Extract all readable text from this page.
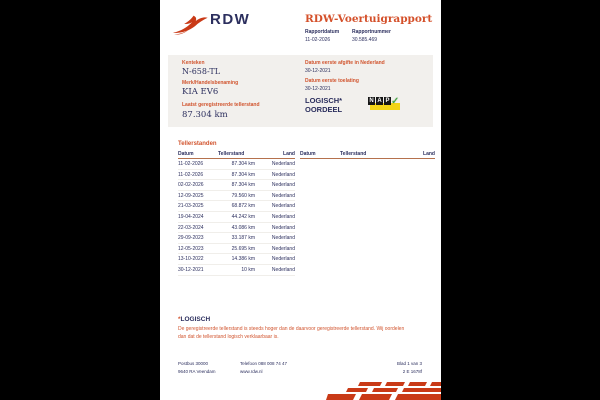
RDW	RDW-Voertuigrapport
Rapportdatum
11-02-2026
Rapportnummer
30.585.469
Kenteken
N-658-TL
Merk/Handelsbenaming
KIA EV6
Laatst geregistreerde tellerstand
87.304 km
Datum eerste afgifte in Nederland
30-12-2021
Datum eerste toelating
30-12-2021
LOGISCH*
OORDEEL
N A P ✓
Tellerstanden
Datum	Tellerstand	Land Datum	Tellerstand	Land
11-02-2026	87.304 km	Nederland
11-02-2026	87.304 km	Nederland
02-02-2026	87.304 km	Nederland
12-09-2025	79.560 km	Nederland
21-03-2025	68.872 km	Nederland
19-04-2024	44.242 km	Nederland
22-03-2024	43.086 km	Nederland
29-09-2023	33.187 km	Nederland
12-05-2023	25.695 km	Nederland
13-10-2022	14.386 km	Nederland
30-12-2021	10 km	Nederland
*LOGISCH
De geregistreerde tellerstand is steeds hoger dan de daarvoor geregistreerde tellerstand. Wij oordelen dan dat de tellerstand logisch verklaarbaar is.
Postbus 30000
9640 RA Veendam
Telefoon 088 008 74 47
www.rdw.nl
Blad 1 van 3
2 E 1678f
